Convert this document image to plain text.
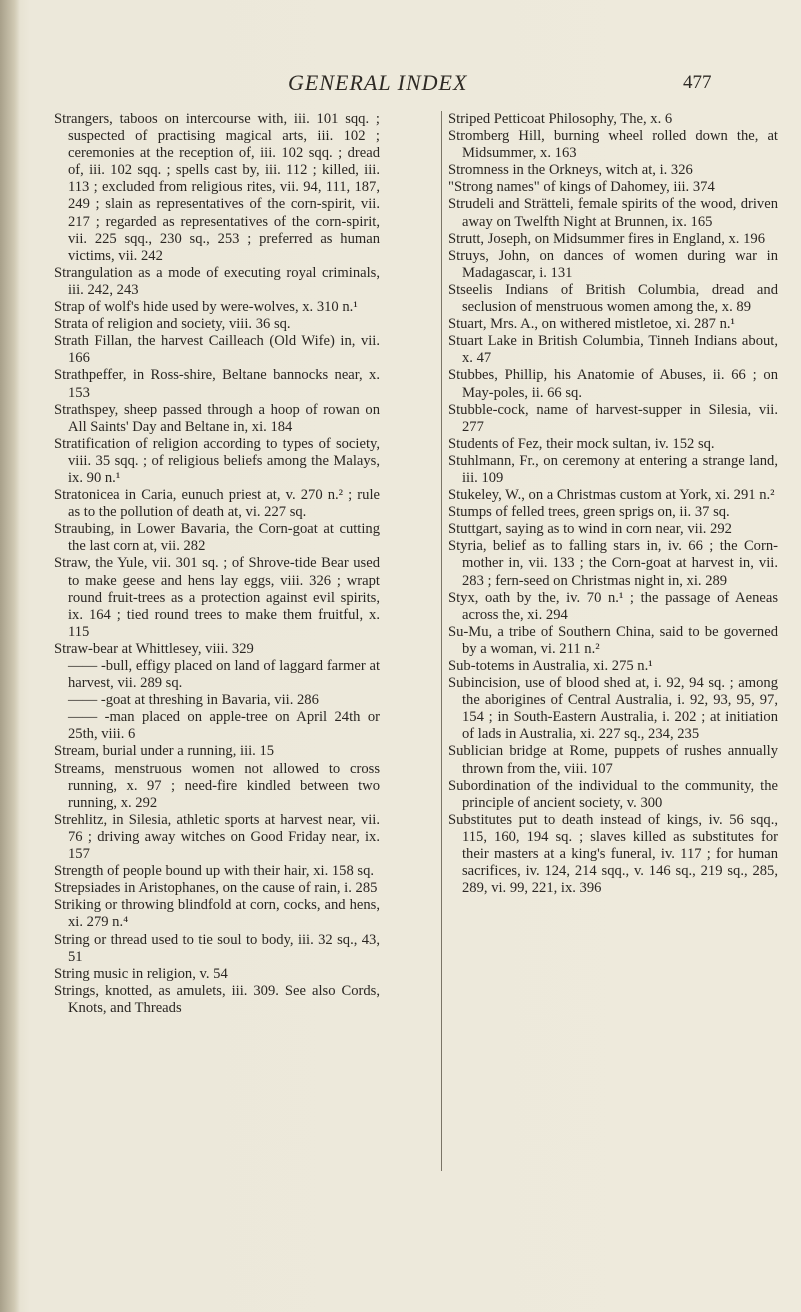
GENERAL INDEX	477

Strangers, taboos on intercourse with, iii. 101 sqq. ; suspected of practising magical arts, iii. 102 ; ceremonies at the reception of, iii. 102 sqq. ; dread of, iii. 102 sqq. ; spells cast by, iii. 112 ; killed, iii. 113 ; excluded from religious rites, vii. 94, 111, 187, 249 ; slain as representatives of the corn-spirit, vii. 217 ; regarded as representatives of the corn-spirit, vii. 225 sqq., 230 sq., 253 ; preferred as human victims, vii. 242

Strangulation as a mode of executing royal criminals, iii. 242, 243

Strap of wolf's hide used by were-wolves, x. 310 n.¹

Strata of religion and society, viii. 36 sq.

Strath Fillan, the harvest Cailleach (Old Wife) in, vii. 166

Strathpeffer, in Ross-shire, Beltane bannocks near, x. 153

Strathspey, sheep passed through a hoop of rowan on All Saints' Day and Beltane in, xi. 184

Stratification of religion according to types of society, viii. 35 sqq. ; of religious beliefs among the Malays, ix. 90 n.¹

Stratonicea in Caria, eunuch priest at, v. 270 n.² ; rule as to the pollution of death at, vi. 227 sq.

Straubing, in Lower Bavaria, the Corn-goat at cutting the last corn at, vii. 282

Straw, the Yule, vii. 301 sq. ; of Shrove-tide Bear used to make geese and hens lay eggs, viii. 326 ; wrapt round fruit-trees as a protection against evil spirits, ix. 164 ; tied round trees to make them fruitful, x. 115

Straw-bear at Whittlesey, viii. 329

—— -bull, effigy placed on land of laggard farmer at harvest, vii. 289 sq.

—— -goat at threshing in Bavaria, vii. 286

—— -man placed on apple-tree on April 24th or 25th, viii. 6

Stream, burial under a running, iii. 15

Streams, menstruous women not allowed to cross running, x. 97 ; need-fire kindled between two running, x. 292

Strehlitz, in Silesia, athletic sports at harvest near, vii. 76 ; driving away witches on Good Friday near, ix. 157

Strength of people bound up with their hair, xi. 158 sq.

Strepsiades in Aristophanes, on the cause of rain, i. 285

Striking or throwing blindfold at corn, cocks, and hens, xi. 279 n.⁴

String or thread used to tie soul to body, iii. 32 sq., 43, 51

String music in religion, v. 54

Strings, knotted, as amulets, iii. 309. See also Cords, Knots, and Threads

Striped Petticoat Philosophy, The, x. 6

Stromberg Hill, burning wheel rolled down the, at Midsummer, x. 163

Stromness in the Orkneys, witch at, i. 326

"Strong names" of kings of Dahomey, iii. 374

Strudeli and Strätteli, female spirits of the wood, driven away on Twelfth Night at Brunnen, ix. 165

Strutt, Joseph, on Midsummer fires in England, x. 196

Struys, John, on dances of women during war in Madagascar, i. 131

Stseelis Indians of British Columbia, dread and seclusion of menstruous women among the, x. 89

Stuart, Mrs. A., on withered mistletoe, xi. 287 n.¹

Stuart Lake in British Columbia, Tinneh Indians about, x. 47

Stubbes, Phillip, his Anatomie of Abuses, ii. 66 ; on May-poles, ii. 66 sq.

Stubble-cock, name of harvest-supper in Silesia, vii. 277

Students of Fez, their mock sultan, iv. 152 sq.

Stuhlmann, Fr., on ceremony at entering a strange land, iii. 109

Stukeley, W., on a Christmas custom at York, xi. 291 n.²

Stumps of felled trees, green sprigs on, ii. 37 sq.

Stuttgart, saying as to wind in corn near, vii. 292

Styria, belief as to falling stars in, iv. 66 ; the Corn-mother in, vii. 133 ; the Corn-goat at harvest in, vii. 283 ; fern-seed on Christmas night in, xi. 289

Styx, oath by the, iv. 70 n.¹ ; the passage of Aeneas across the, xi. 294

Su-Mu, a tribe of Southern China, said to be governed by a woman, vi. 211 n.²

Sub-totems in Australia, xi. 275 n.¹

Subincision, use of blood shed at, i. 92, 94 sq. ; among the aborigines of Central Australia, i. 92, 93, 95, 97, 154 ; in South-Eastern Australia, i. 202 ; at initiation of lads in Australia, xi. 227 sq., 234, 235

Sublician bridge at Rome, puppets of rushes annually thrown from the, viii. 107

Subordination of the individual to the community, the principle of ancient society, v. 300

Substitutes put to death instead of kings, iv. 56 sqq., 115, 160, 194 sq. ; slaves killed as substitutes for their masters at a king's funeral, iv. 117 ; for human sacrifices, iv. 124, 214 sqq., v. 146 sq., 219 sq., 285, 289, vi. 99, 221, ix. 396
